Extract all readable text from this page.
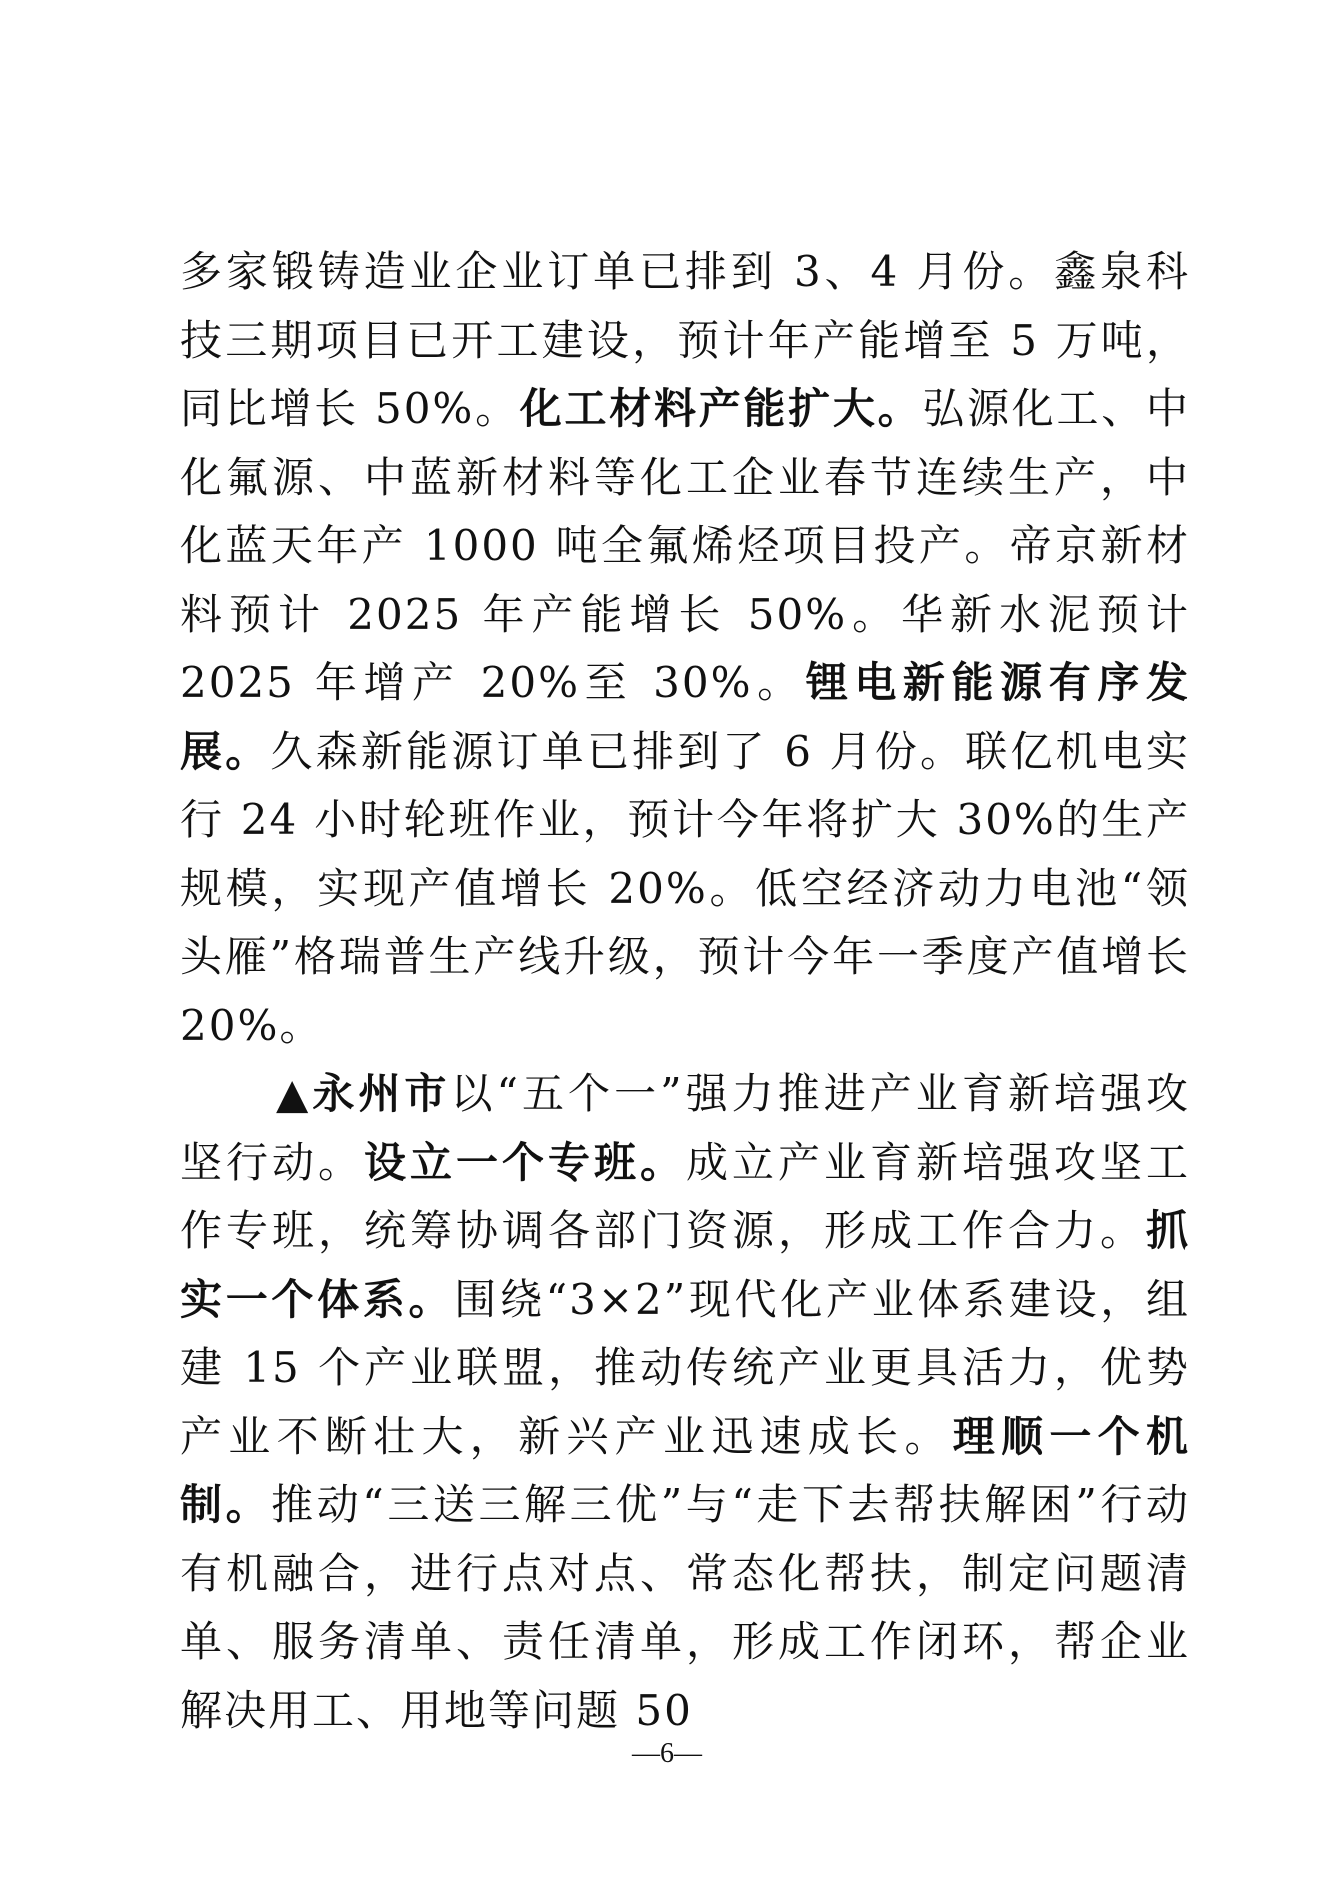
多家锻铸造业企业订单已排到 3、4 月份。鑫泉科技三期项目已开工建设，预计年产能增至 5 万吨，同比增长 50%。化工材料产能扩大。弘源化工、中化氟源、中蓝新材料等化工企业春节连续生产，中化蓝天年产 1000 吨全氟烯烃项目投产。帝京新材料预计 2025 年产能增长 50%。华新水泥预计 2025 年增产 20%至 30%。锂电新能源有序发展。久森新能源订单已排到了 6 月份。联亿机电实行 24 小时轮班作业，预计今年将扩大 30%的生产规模，实现产值增长 20%。低空经济动力电池“领头雁”格瑞普生产线升级，预计今年一季度产值增长 20%。

▲永州市以“五个一”强力推进产业育新培强攻坚行动。设立一个专班。成立产业育新培强攻坚工作专班，统筹协调各部门资源，形成工作合力。抓实一个体系。围绕“3×2”现代化产业体系建设，组建 15 个产业联盟，推动传统产业更具活力，优势产业不断壮大，新兴产业迅速成长。理顺一个机制。推动“三送三解三优”与“走下去帮扶解困”行动有机融合，进行点对点、常态化帮扶，制定问题清单、服务清单、责任清单，形成工作闭环，帮企业解决用工、用地等问题 50

—6—
